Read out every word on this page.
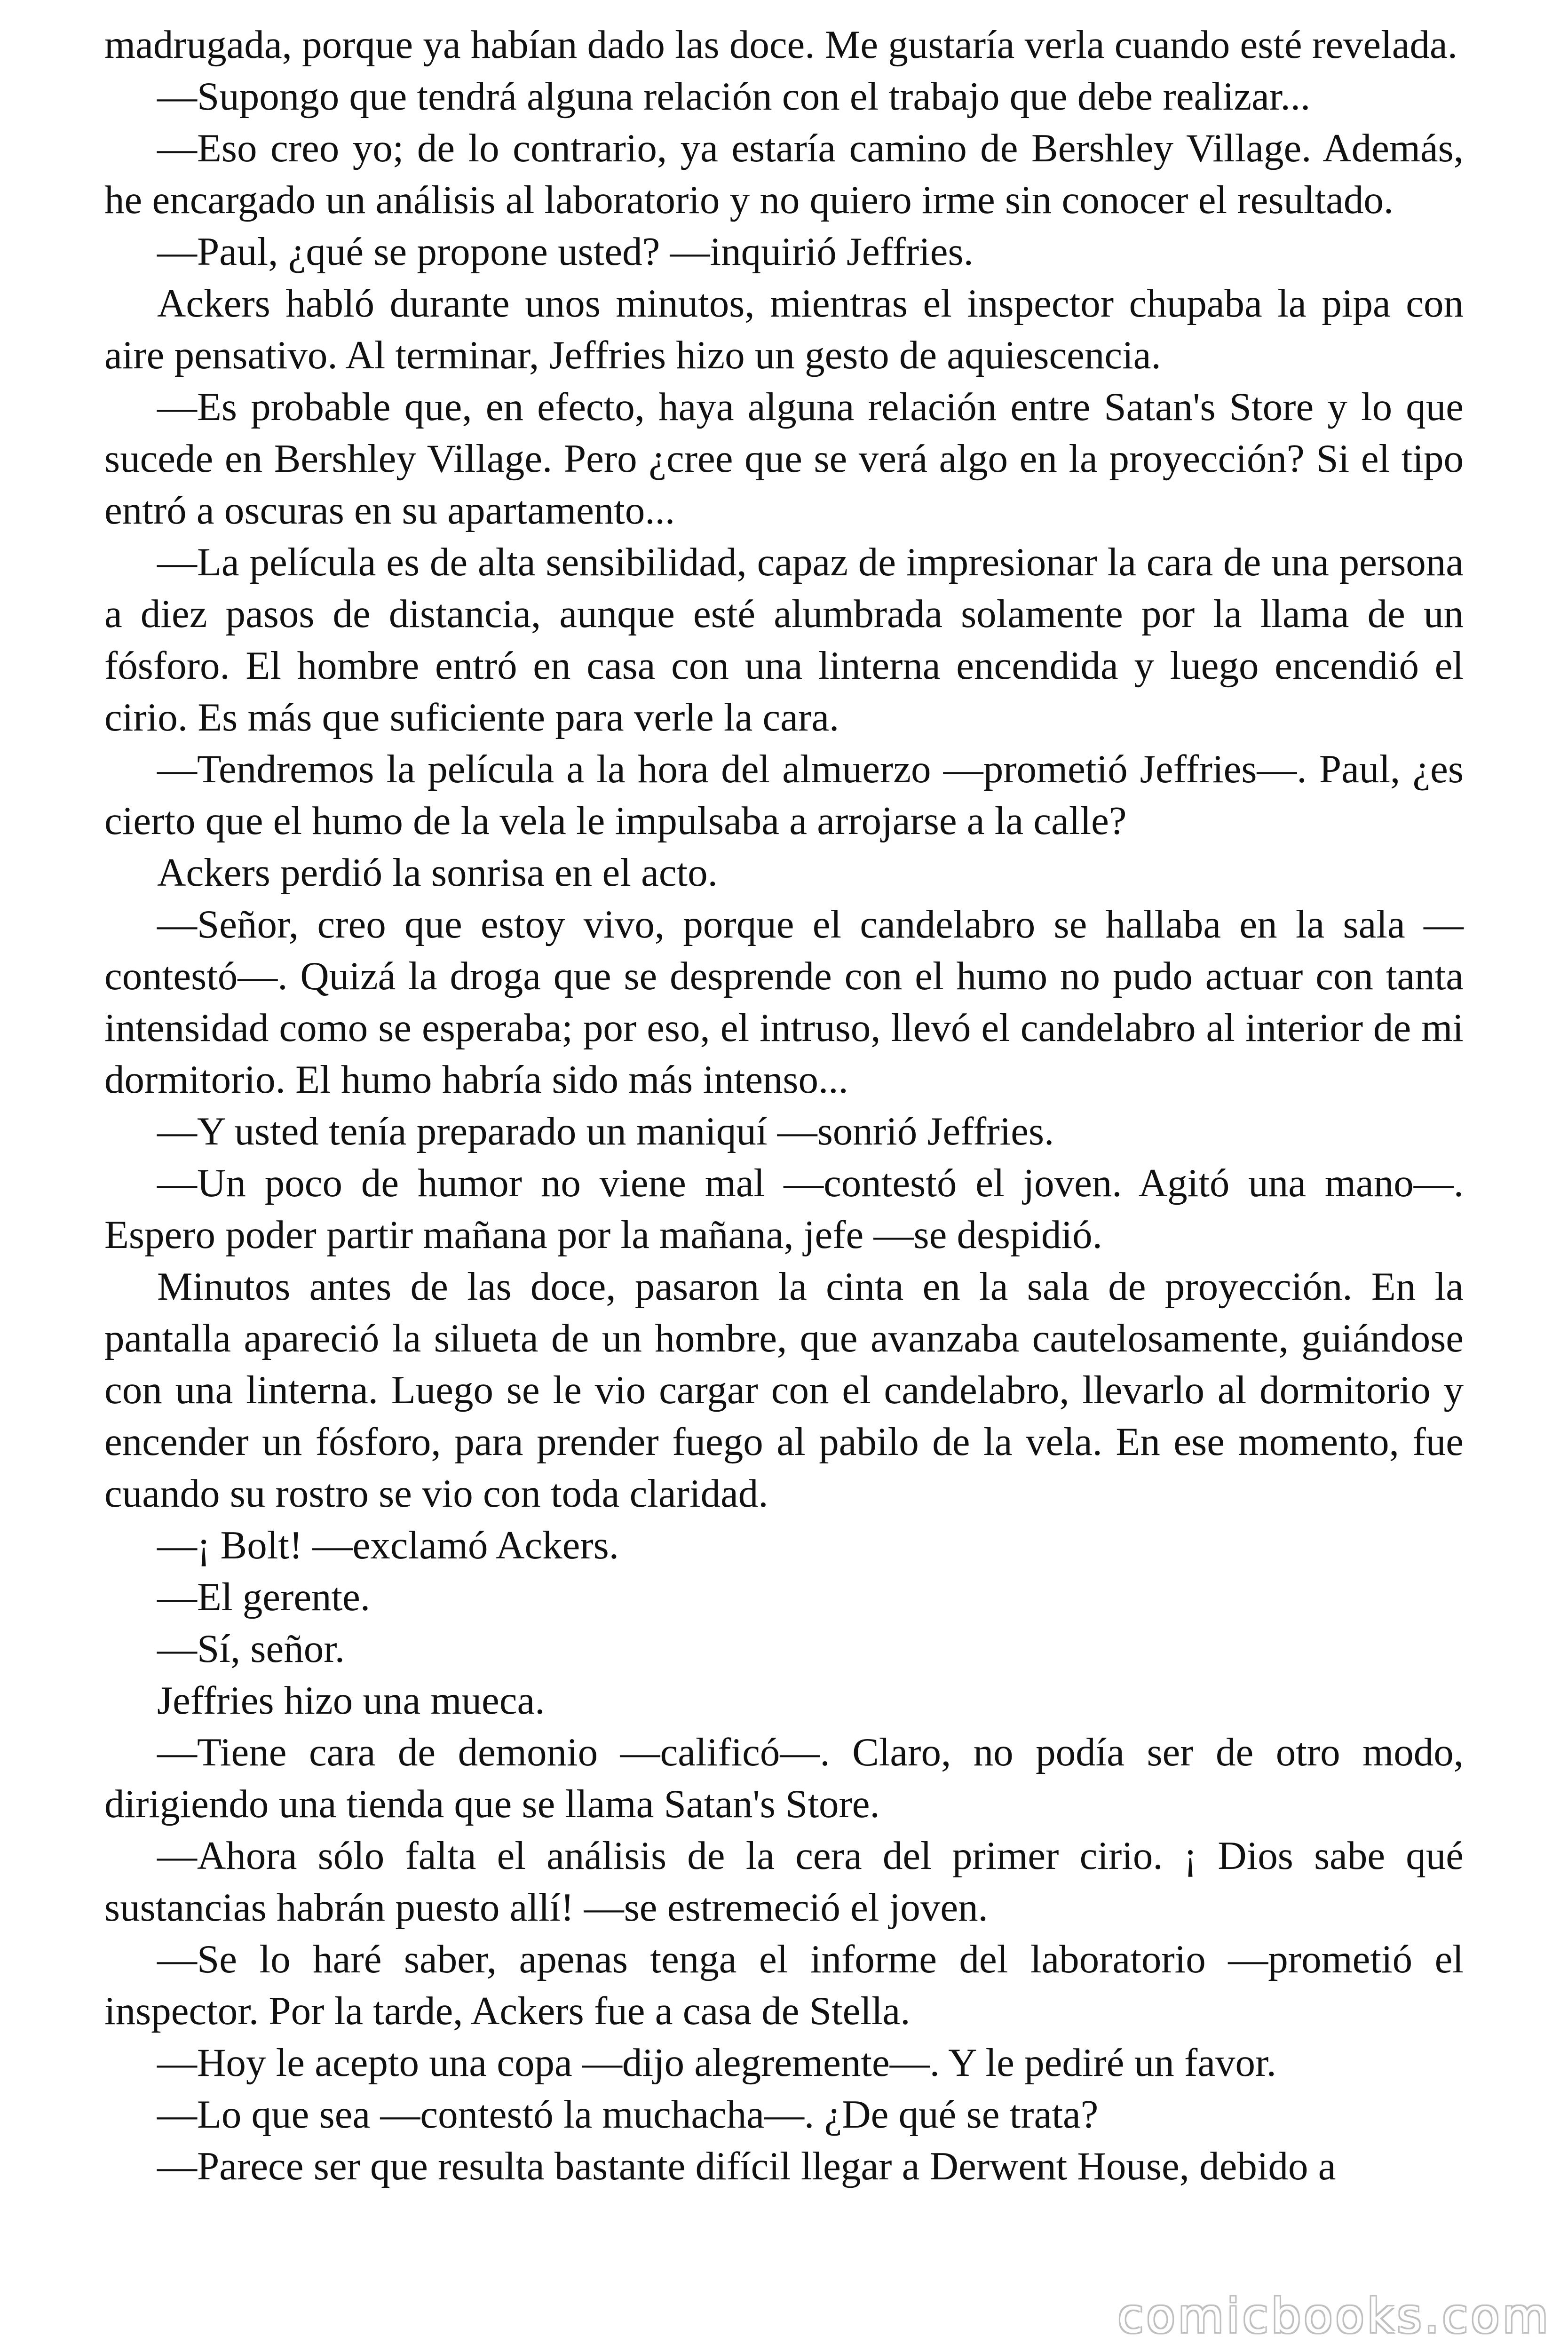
madrugada, porque ya habían dado las doce. Me gustaría verla cuando esté revelada.

—Supongo que tendrá alguna relación con el trabajo que debe realizar...

—Eso creo yo; de lo contrario, ya estaría camino de Bershley Village. Además, he encargado un análisis al laboratorio y no quiero irme sin conocer el resultado.

—Paul, ¿qué se propone usted? —inquirió Jeffries.

Ackers habló durante unos minutos, mientras el inspector chupaba la pipa con aire pensativo. Al terminar, Jeffries hizo un gesto de aquiescencia.

—Es probable que, en efecto, haya alguna relación entre Satan's Store y lo que sucede en Bershley Village. Pero ¿cree que se verá algo en la proyección? Si el tipo entró a oscuras en su apartamento...

—La película es de alta sensibilidad, capaz de impresionar la cara de una persona a diez pasos de distancia, aunque esté alumbrada solamente por la llama de un fósforo. El hombre entró en casa con una linterna encendida y luego encendió el cirio. Es más que suficiente para verle la cara.

—Tendremos la película a la hora del almuerzo —prometió Jeffries—. Paul, ¿es cierto que el humo de la vela le impulsaba a arrojarse a la calle?

Ackers perdió la sonrisa en el acto.

—Señor, creo que estoy vivo, porque el candelabro se hallaba en la sala —contestó—. Quizá la droga que se desprende con el humo no pudo actuar con tanta intensidad como se esperaba; por eso, el intruso, llevó el candelabro al interior de mi dormitorio. El humo habría sido más intenso...

—Y usted tenía preparado un maniquí —sonrió Jeffries.

—Un poco de humor no viene mal —contestó el joven. Agitó una mano—. Espero poder partir mañana por la mañana, jefe —se despidió.

Minutos antes de las doce, pasaron la cinta en la sala de proyección. En la pantalla apareció la silueta de un hombre, que avanzaba cautelosamente, guiándose con una linterna. Luego se le vio cargar con el candelabro, llevarlo al dormitorio y encender un fósforo, para prender fuego al pabilo de la vela. En ese momento, fue cuando su rostro se vio con toda claridad.

—¡ Bolt! —exclamó Ackers.

—El gerente.

—Sí, señor.

Jeffries hizo una mueca.

—Tiene cara de demonio —calificó—. Claro, no podía ser de otro modo, dirigiendo una tienda que se llama Satan's Store.

—Ahora sólo falta el análisis de la cera del primer cirio. ¡ Dios sabe qué sustancias habrán puesto allí! —se estremeció el joven.

—Se lo haré saber, apenas tenga el informe del laboratorio —prometió el inspector. Por la tarde, Ackers fue a casa de Stella.

—Hoy le acepto una copa —dijo alegremente—. Y le pediré un favor.

—Lo que sea —contestó la muchacha—. ¿De qué se trata?

—Parece ser que resulta bastante difícil llegar a Derwent House, debido a

comicbooks.com
